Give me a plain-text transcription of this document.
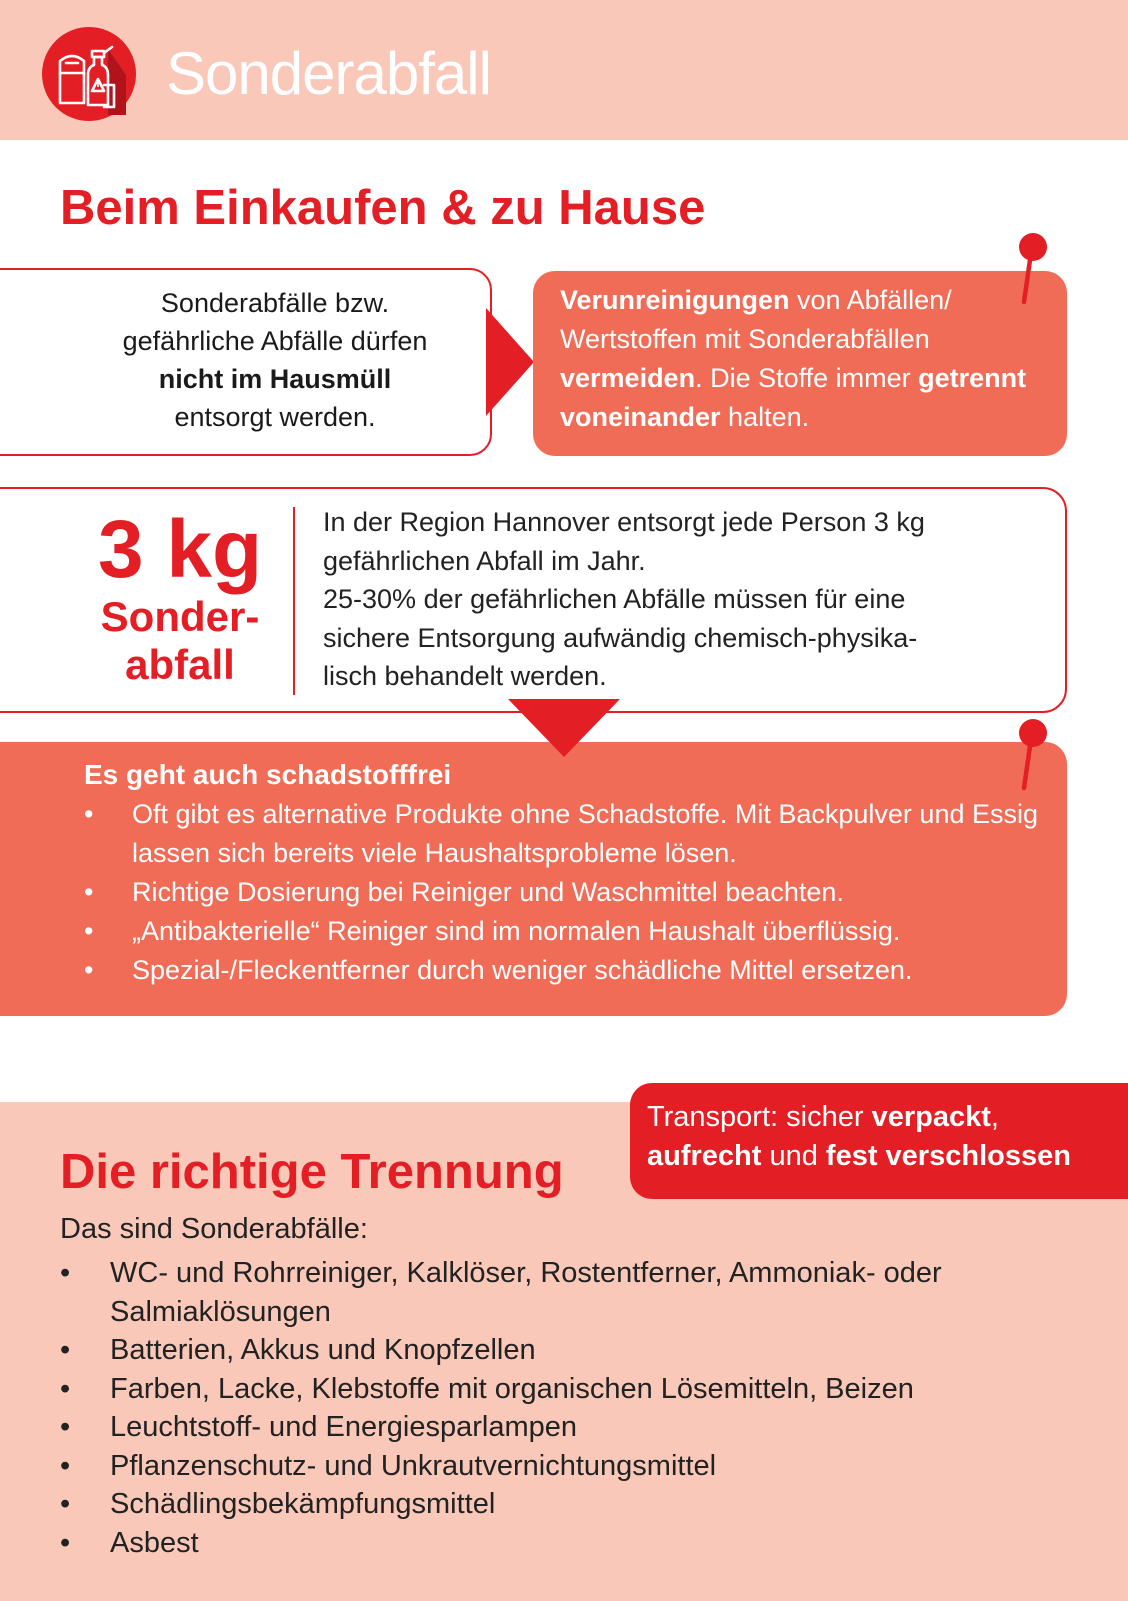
Sonderabfall
Beim Einkaufen & zu Hause
Sonderabfälle bzw.
gefährliche Abfälle dürfen
nicht im Hausmüll
entsorgt werden.
Verunreinigungen von Abfällen/ Wertstoffen mit Sonderabfällen vermeiden. Die Stoffe immer getrennt voneinander halten.
3 kg
Sonder-
abfall
In der Region Hannover entsorgt jede Person 3 kg
gefährlichen Abfall im Jahr.
25-30% der gefährlichen Abfälle müssen für eine
sichere Entsorgung aufwändig chemisch-physika-
lisch behandelt werden.
Es geht auch schadstofffrei
• Oft gibt es alternative Produkte ohne Schadstoffe. Mit Backpulver und Essig lassen sich bereits viele Haushaltsprobleme lösen.
• Richtige Dosierung bei Reiniger und Waschmittel beachten.
• „Antibakterielle“ Reiniger sind im normalen Haushalt überflüssig.
• Spezial-/Fleckentferner durch weniger schädliche Mittel ersetzen.
Transport: sicher verpackt,
aufrecht und fest verschlossen
Die richtige Trennung
Das sind Sonderabfälle:
• WC- und Rohrreiniger, Kalklöser, Rostentferner, Ammoniak- oder Salmiaklösungen
• Batterien, Akkus und Knopfzellen
• Farben, Lacke, Klebstoffe mit organischen Lösemitteln, Beizen
• Leuchtstoff- und Energiesparlampen
• Pflanzenschutz- und Unkrautvernichtungsmittel
• Schädlingsbekämpfungsmittel
• Asbest
